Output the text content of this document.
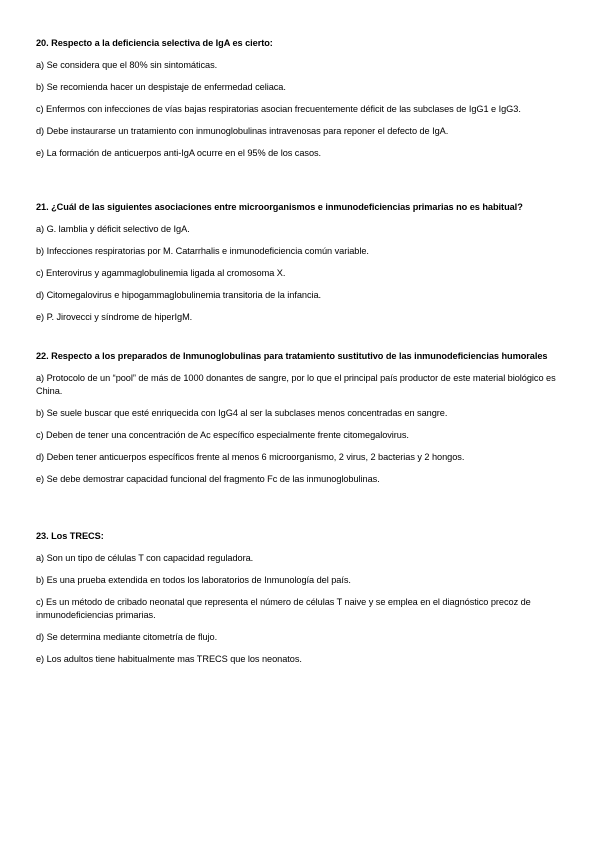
20. Respecto a la deficiencia selectiva de IgA es cierto:

a) Se considera que el 80% sin sintomáticas.

b) Se recomienda hacer un despistaje de enfermedad celiaca.

c) Enfermos con infecciones de vías bajas respiratorias asocian frecuentemente déficit de las subclases de IgG1 e IgG3.

d) Debe instaurarse un tratamiento con inmunoglobulinas intravenosas para reponer el defecto de IgA.

e) La formación de anticuerpos anti-IgA ocurre en el 95% de los casos.

21. ¿Cuál de las siguientes asociaciones entre microorganismos e inmunodeficiencias primarias no es habitual?

a) G. lamblia y déficit selectivo de IgA.

b) Infecciones respiratorias por M. Catarrhalis e inmunodeficiencia común variable.

c) Enterovirus y agammaglobulinemia ligada al cromosoma X.

d) Citomegalovirus e hipogammaglobulinemia transitoria de la infancia.

e) P. Jirovecci y síndrome de hiperIgM.

22. Respecto a los preparados de Inmunoglobulinas para tratamiento sustitutivo de las inmunodeficiencias humorales

a) Protocolo de un “pool” de más de 1000 donantes de sangre, por lo que el principal país productor de este material biológico es China.

b) Se suele buscar que esté enriquecida con IgG4 al ser la subclases menos concentradas en sangre.

c) Deben de tener una concentración de Ac específico especialmente frente citomegalovirus.

d) Deben tener anticuerpos específicos frente al menos 6 microorganismo, 2 virus, 2 bacterias y 2 hongos.

e) Se debe demostrar capacidad funcional del fragmento Fc de las inmunoglobulinas.

23. Los TRECS:

a) Son un tipo de células T con capacidad reguladora.

b) Es una prueba extendida en todos los laboratorios de Inmunología del país.

c) Es un método de cribado neonatal que representa el número de células T naive y se emplea en el diagnóstico precoz de inmunodeficiencias primarias.

d) Se determina mediante citometría de flujo.

e) Los adultos tiene habitualmente mas TRECS que los neonatos.
